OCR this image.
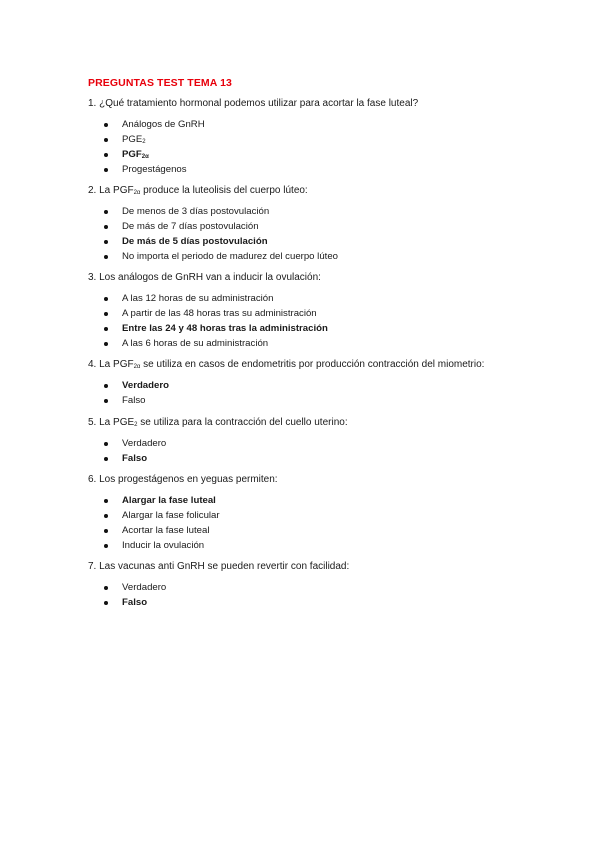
PREGUNTAS TEST TEMA 13
1. ¿Qué tratamiento hormonal podemos utilizar para acortar la fase luteal?
Análogos de GnRH
$PGE_2$
$PGF_{2\alpha}$
Progestágenos
2. La $PGF_{2\alpha}$ produce la luteolisis del cuerpo lúteo:
De menos de 3 días postovulación
De más de 7 días postovulación
De más de 5 días postovulación
No importa el periodo de madurez del cuerpo lúteo
3. Los análogos de GnRH van a inducir la ovulación:
A las 12 horas de su administración
A partir de las 48 horas tras su administración
Entre las 24 y 48 horas tras la administración
A las 6 horas de su administración
4. La $PGF_{2\alpha}$ se utiliza en casos de endometritis por producción contracción del miometrio:
Verdadero
Falso
5. La $PGE_2$ se utiliza para la contracción del cuello uterino:
Verdadero
Falso
6. Los progestágenos en yeguas permiten:
Alargar la fase luteal
Alargar la fase folicular
Acortar la fase luteal
Inducir la ovulación
7. Las vacunas anti GnRH se pueden revertir con facilidad:
Verdadero
Falso
